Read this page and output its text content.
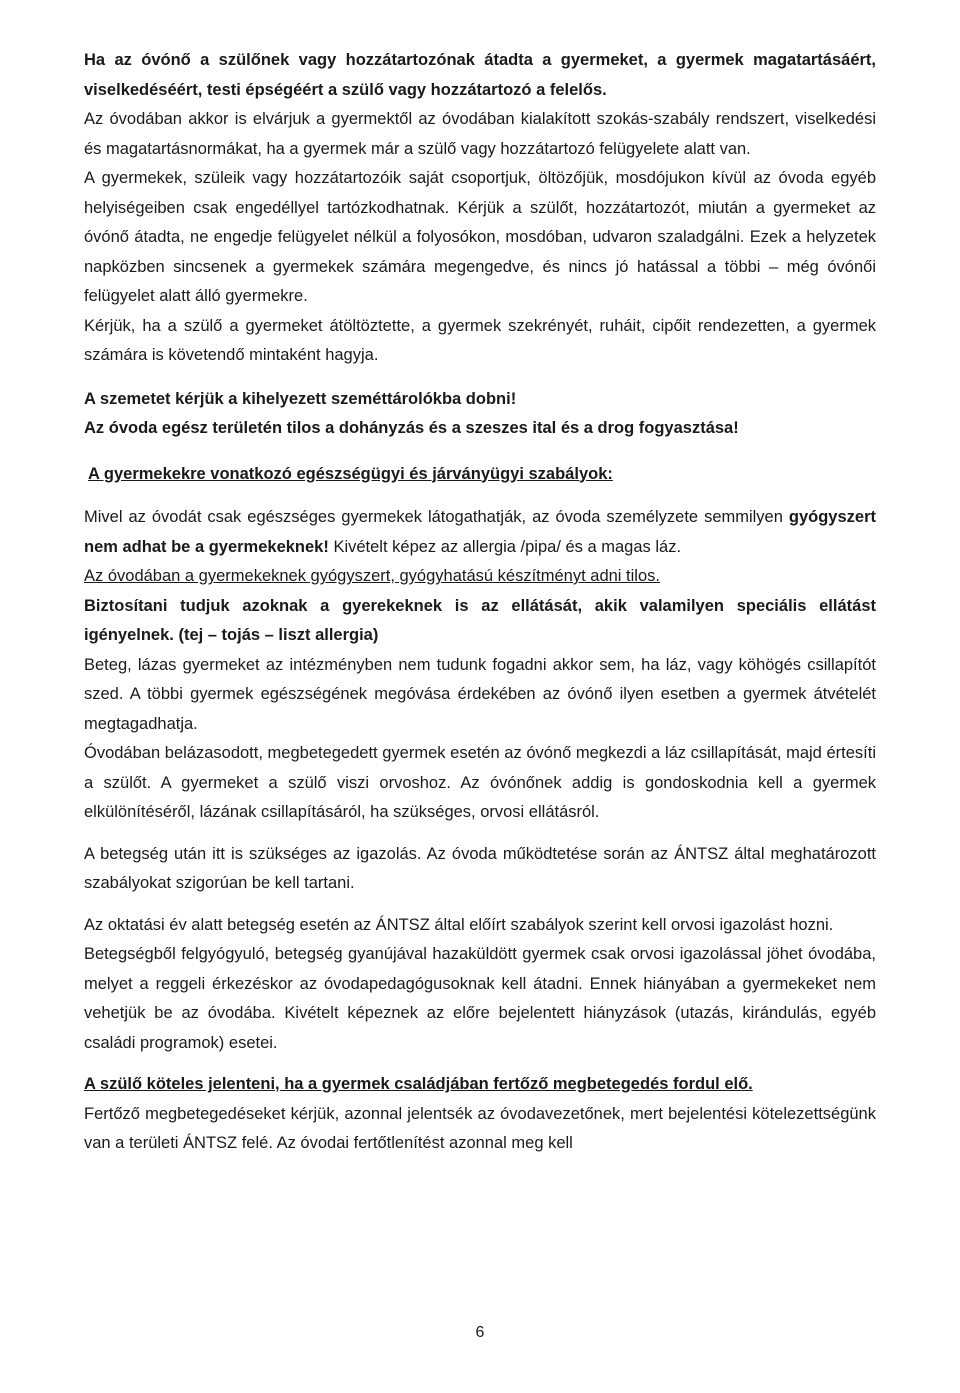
Ha az óvónő a szülőnek vagy hozzátartozónak átadta a gyermeket, a gyermek magatartásáért, viselkedéséért, testi épségéért a szülő vagy hozzátartozó a felelős.

Az óvodában akkor is elvárjuk a gyermektől az óvodában kialakított szokás-szabály rendszert, viselkedési és magatartásnormákat, ha a gyermek már a szülő vagy hozzátartozó felügyelete alatt van.

A gyermekek, szüleik vagy hozzátartozóik saját csoportjuk, öltözőjük, mosdójukon kívül az óvoda egyéb helyiségeiben csak engedéllyel tartózkodhatnak. Kérjük a szülőt, hozzátartozót, miután a gyermeket az óvónő átadta, ne engedje felügyelet nélkül a folyosókon, mosdóban, udvaron szaladgálni. Ezek a helyzetek napközben sincsenek a gyermekek számára megengedve, és nincs jó hatással a többi – még óvónői felügyelet alatt álló gyermekre.

Kérjük, ha a szülő a gyermeket átöltöztette, a gyermek szekrényét, ruháit, cipőit rendezetten, a gyermek számára is követendő mintaként hagyja.

A szemetet kérjük a kihelyezett szeméttárolókba dobni!

Az óvoda egész területén tilos a dohányzás és a szeszes ital és a drog fogyasztása!

A gyermekekre vonatkozó egészségügyi és járványügyi szabályok:

Mivel az óvodát csak egészséges gyermekek látogathatják, az óvoda személyzete semmilyen gyógyszert nem adhat be a gyermekeknek! Kivételt képez az allergia /pipa/ és a magas láz.

Az óvodában a gyermekeknek gyógyszert, gyógyhatású készítményt adni tilos.

Biztosítani tudjuk azoknak a gyerekeknek is az ellátását, akik valamilyen speciális ellátást igényelnek. (tej – tojás – liszt allergia)

Beteg, lázas gyermeket az intézményben nem tudunk fogadni akkor sem, ha láz, vagy köhögés csillapítót szed. A többi gyermek egészségének megóvása érdekében az óvónő ilyen esetben a gyermek átvételét megtagadhatja.

Óvodában belázasodott, megbetegedett gyermek esetén az óvónő megkezdi a láz csillapítását, majd értesíti a szülőt. A gyermeket a szülő viszi orvoshoz. Az óvónőnek addig is gondoskodnia kell a gyermek elkülönítéséről, lázának csillapításáról, ha szükséges, orvosi ellátásról.

A betegség után itt is szükséges az igazolás. Az óvoda működtetése során az ÁNTSZ által meghatározott szabályokat szigorúan be kell tartani.

Az oktatási év alatt betegség esetén az ÁNTSZ által előírt szabályok szerint kell orvosi igazolást hozni.

Betegségből felgyógyuló, betegség gyanújával hazaküldött gyermek csak orvosi igazolással jöhet óvodába, melyet a reggeli érkezéskor az óvodapedagógusoknak kell átadni. Ennek hiányában a gyermekeket nem vehetjük be az óvodába. Kivételt képeznek az előre bejelentett hiányzások (utazás, kirándulás, egyéb családi programok) esetei.

A szülő köteles jelenteni, ha a gyermek családjában fertőző megbetegedés fordul elő.

Fertőző megbetegedéseket kérjük, azonnal jelentsék az óvodavezetőnek, mert bejelentési kötelezettségünk van a területi ÁNTSZ felé. Az óvodai fertőtlenítést azonnal meg kell

6
